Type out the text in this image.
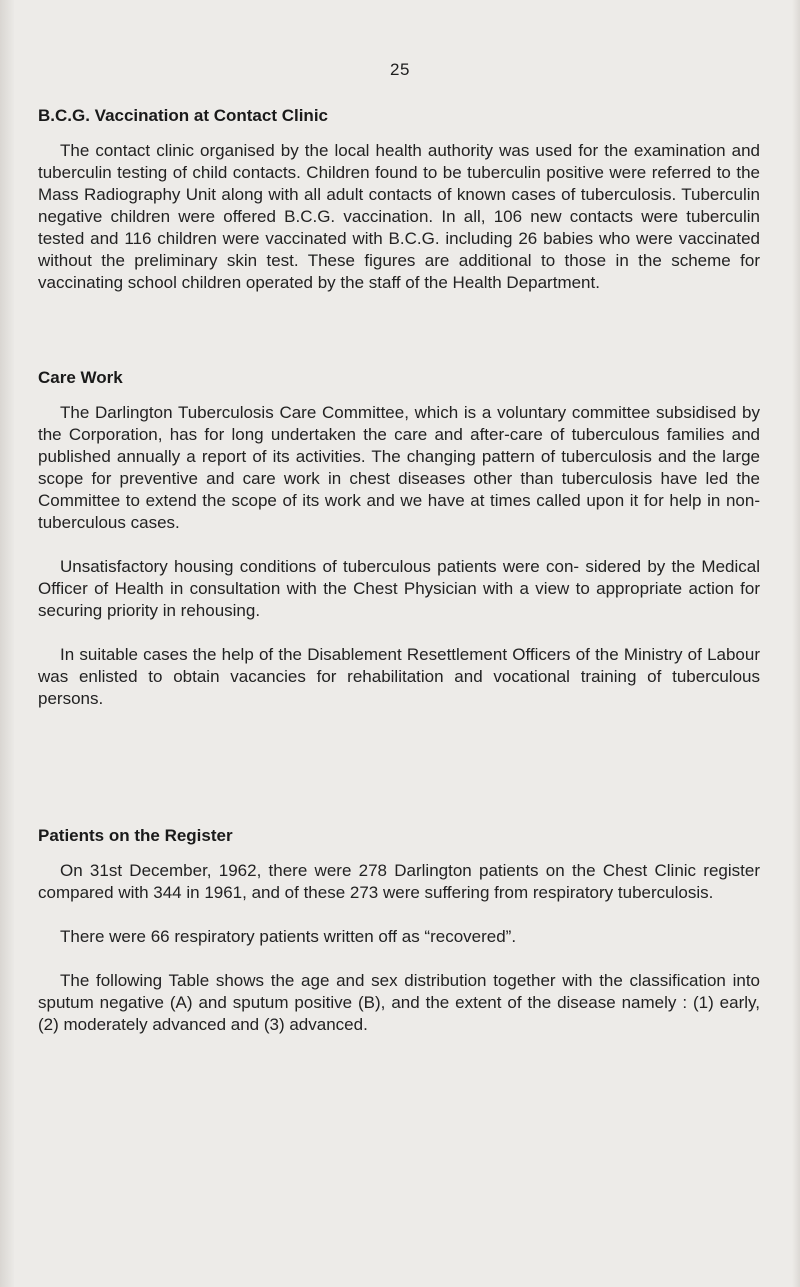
25
B.C.G. Vaccination at Contact Clinic

The contact clinic organised by the local health authority was used for the examination and tuberculin testing of child contacts. Children found to be tuberculin positive were referred to the Mass Radiography Unit along with all adult contacts of known cases of tuberculosis. Tuberculin negative children were offered B.C.G. vaccination. In all, 106 new contacts were tuberculin tested and 116 children were vaccinated with B.C.G. including 26 babies who were vaccinated without the preliminary skin test. These figures are additional to those in the scheme for vaccinating school children operated by the staff of the Health Department.

Care Work

The Darlington Tuberculosis Care Committee, which is a voluntary committee subsidised by the Corporation, has for long undertaken the care and after-care of tuberculous families and published annually a report of its activities. The changing pattern of tuberculosis and the large scope for preventive and care work in chest diseases other than tuberculosis have led the Committee to extend the scope of its work and we have at times called upon it for help in non-tuberculous cases.

Unsatisfactory housing conditions of tuberculous patients were con- sidered by the Medical Officer of Health in consultation with the Chest Physician with a view to appropriate action for securing priority in rehousing.

In suitable cases the help of the Disablement Resettlement Officers of the Ministry of Labour was enlisted to obtain vacancies for rehabilitation and vocational training of tuberculous persons.

Patients on the Register

On 31st December, 1962, there were 278 Darlington patients on the Chest Clinic register compared with 344 in 1961, and of these 273 were suffering from respiratory tuberculosis.

There were 66 respiratory patients written off as “recovered”.

The following Table shows the age and sex distribution together with the classification into sputum negative (A) and sputum positive (B), and the extent of the disease namely : (1) early, (2) moderately advanced and (3) advanced.
